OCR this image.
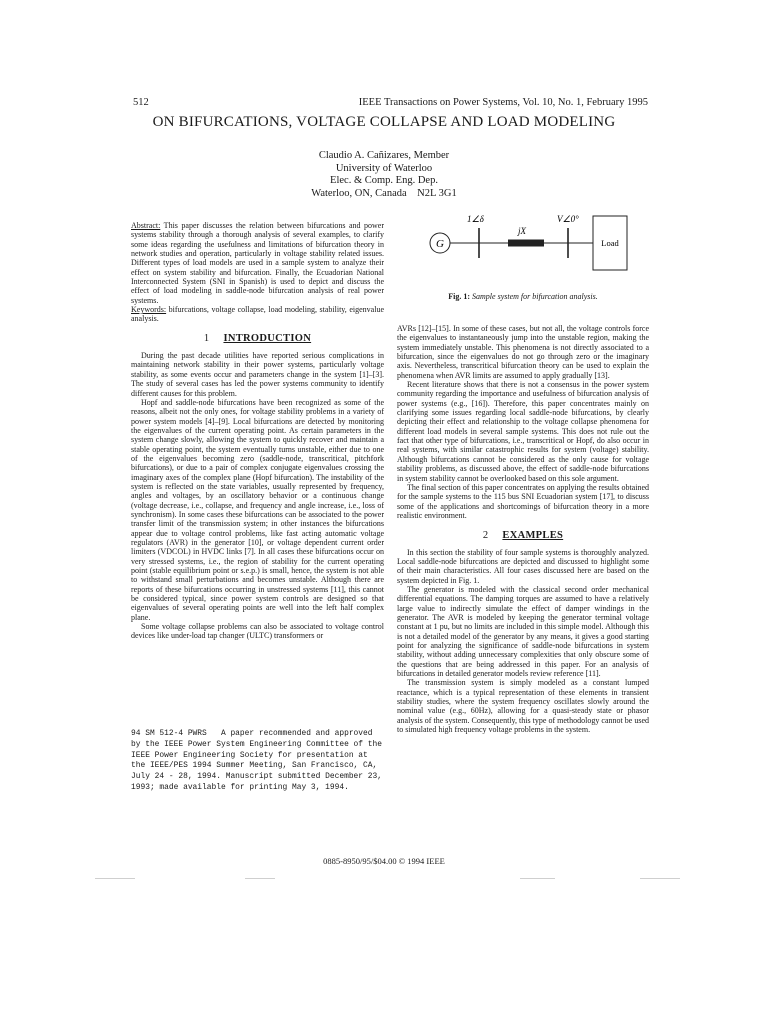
512	IEEE Transactions on Power Systems, Vol. 10, No. 1, February 1995
ON BIFURCATIONS, VOLTAGE COLLAPSE AND LOAD MODELING
Claudio A. Cañizares, Member
University of Waterloo
Elec. & Comp. Eng. Dep.
Waterloo, ON, Canada    N2L 3G1

Abstract: This paper discusses the relation between bifurcations and power systems stability through a thorough analysis of several examples, to clarify some ideas regarding the usefulness and limitations of bifurcation theory in network studies and operation, particularly in voltage stability related issues. Different types of load models are used in a sample system to analyze their effect on system stability and bifurcation. Finally, the Ecuadorian National Interconnected System (SNI in Spanish) is used to depict and discuss the effect of load modeling in saddle-node bifurcation analysis of real power systems.

Keywords: bifurcations, voltage collapse, load modeling, stability, eigenvalue analysis.

1 INTRODUCTION

During the past decade utilities have reported serious complications in maintaining network stability in their power systems, particularly voltage stability, as some events occur and parameters change in the system [1]–[3]. The study of several cases has led the power systems community to identify different causes for this problem.

Hopf and saddle-node bifurcations have been recognized as some of the reasons, albeit not the only ones, for voltage stability problems in a variety of power system models [4]–[9]. Local bifurcations are detected by monitoring the eigenvalues of the current operating point. As certain parameters in the system change slowly, allowing the system to quickly recover and maintain a stable operating point, the system eventually turns unstable, either due to one of the eigenvalues becoming zero (saddle-node, transcritical, pitchfork bifurcations), or due to a pair of complex conjugate eigenvalues crossing the imaginary axes of the complex plane (Hopf bifurcation). The instability of the system is reflected on the state variables, usually represented by frequency, angles and voltages, by an oscillatory behavior or a continuous change (voltage decrease, i.e., collapse, and frequency and angle increase, i.e., loss of synchronism). In some cases these bifurcations can be associated to the power transfer limit of the transmission system; in other instances the bifurcations appear due to voltage control problems, like fast acting automatic voltage regulators (AVR) in the generator [10], or voltage dependent current order limiters (VDCOL) in HVDC links [7]. In all cases these bifurcations occur on very stressed systems, i.e., the region of stability for the current operating point (stable equilibrium point or s.e.p.) is small, hence, the system is not able to withstand small perturbations and becomes unstable. Although there are reports of these bifurcations occurring in unstressed systems [11], this cannot be considered typical, since power system controls are designed so that eigenvalues of several operating points are well into the left half complex plane.

Some voltage collapse problems can also be associated to voltage control devices like under-load tap changer (ULTC) transformers or

94 SM 512-4 PWRS   A paper recommended and approved
by the IEEE Power System Engineering Committee of the
IEEE Power Engineering Society for presentation at
the IEEE/PES 1994 Summer Meeting, San Francisco, CA,
July 24 - 28, 1994. Manuscript submitted December 23,
1993; made available for printing May 3, 1994.
G
1∠δ
jX
V∠0°
Load
Fig. 1: Sample system for bifurcation analysis.

AVRs [12]–[15]. In some of these cases, but not all, the voltage controls force the eigenvalues to instantaneously jump into the unstable region, making the system immediately unstable. This phenomena is not directly associated to a bifurcation, since the eigenvalues do not go through zero or the imaginary axis. Nevertheless, transcritical bifurcation theory can be used to explain the phenomena when AVR limits are assumed to apply gradually [13].

Recent literature shows that there is not a consensus in the power system community regarding the importance and usefulness of bifurcation analysis of power systems (e.g., [16]). Therefore, this paper concentrates mainly on clarifying some issues regarding local saddle-node bifurcations, by clearly depicting their effect and relationship to the voltage collapse phenomena for different load models in several sample systems. This does not rule out the fact that other type of bifurcations, i.e., transcritical or Hopf, do also occur in real systems, with similar catastrophic results for system (voltage) stability. Although bifurcations cannot be considered as the only cause for voltage stability problems, as discussed above, the effect of saddle-node bifurcations in system stability cannot be overlooked based on this sole argument.

The final section of this paper concentrates on applying the results obtained for the sample systems to the 115 bus SNI Ecuadorian system [17], to discuss some of the applications and shortcomings of bifurcation theory in a more realistic environment.

2 EXAMPLES

In this section the stability of four sample systems is thoroughly analyzed. Local saddle-node bifurcations are depicted and discussed to highlight some of their main characteristics. All four cases discussed here are based on the system depicted in Fig. 1.

The generator is modeled with the classical second order mechanical differential equations. The damping torques are assumed to have a relatively large value to indirectly simulate the effect of damper windings in the generator. The AVR is modeled by keeping the generator terminal voltage constant at 1 pu, but no limits are included in this simple model. Although this is not a detailed model of the generator by any means, it gives a good starting point for analyzing the significance of saddle-node bifurcations in system stability, without adding unnecessary complexities that only obscure some of the questions that are being addressed in this paper. For an analysis of bifurcations in detailed generator models review reference [11].

The transmission system is simply modeled as a constant lumped reactance, which is a typical representation of these elements in transient stability studies, where the system frequency oscillates slowly around the nominal value (e.g., 60Hz), allowing for a quasi-steady state or phasor analysis of the system. Consequently, this type of methodology cannot be used to simulated high frequency voltage problems in the system.

0885-8950/95/$04.00 © 1994 IEEE
